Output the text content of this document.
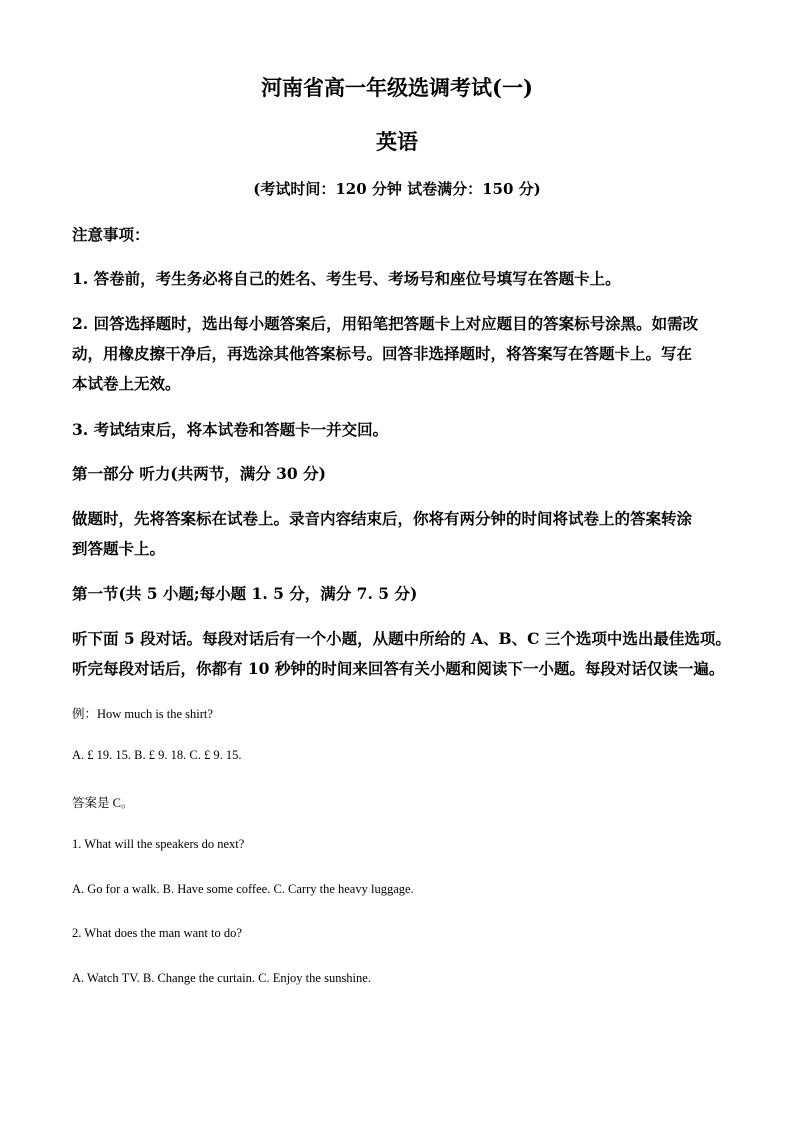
河南省高一年级选调考试(一)
英语
(考试时间：120 分钟 试卷满分：150 分)
注意事项：
1. 答卷前，考生务必将自己的姓名、考生号、考场号和座位号填写在答题卡上。
2. 回答选择题时，选出每小题答案后，用铅笔把答题卡上对应题目的答案标号涂黑。如需改
动，用橡皮擦干净后，再选涂其他答案标号。回答非选择题时，将答案写在答题卡上。写在
本试卷上无效。
3. 考试结束后，将本试卷和答题卡一并交回。
第一部分 听力(共两节，满分 30 分)
做题时，先将答案标在试卷上。录音内容结束后，你将有两分钟的时间将试卷上的答案转涂
到答题卡上。
第一节(共 5 小题;每小题 1. 5 分，满分 7. 5 分)
听下面 5 段对话。每段对话后有一个小题，从题中所给的 A、B、C 三个选项中选出最佳选项。
听完每段对话后，你都有 10 秒钟的时间来回答有关小题和阅读下一小题。每段对话仅读一遍。
例：How much is the shirt?
A. £ 19. 15. B. £ 9. 18. C. £ 9. 15.
答案是 C。
1. What will the speakers do next?
A. Go for a walk. B. Have some coffee. C. Carry the heavy luggage.
2. What does the man want to do?
A. Watch TV. B. Change the curtain. C. Enjoy the sunshine.
